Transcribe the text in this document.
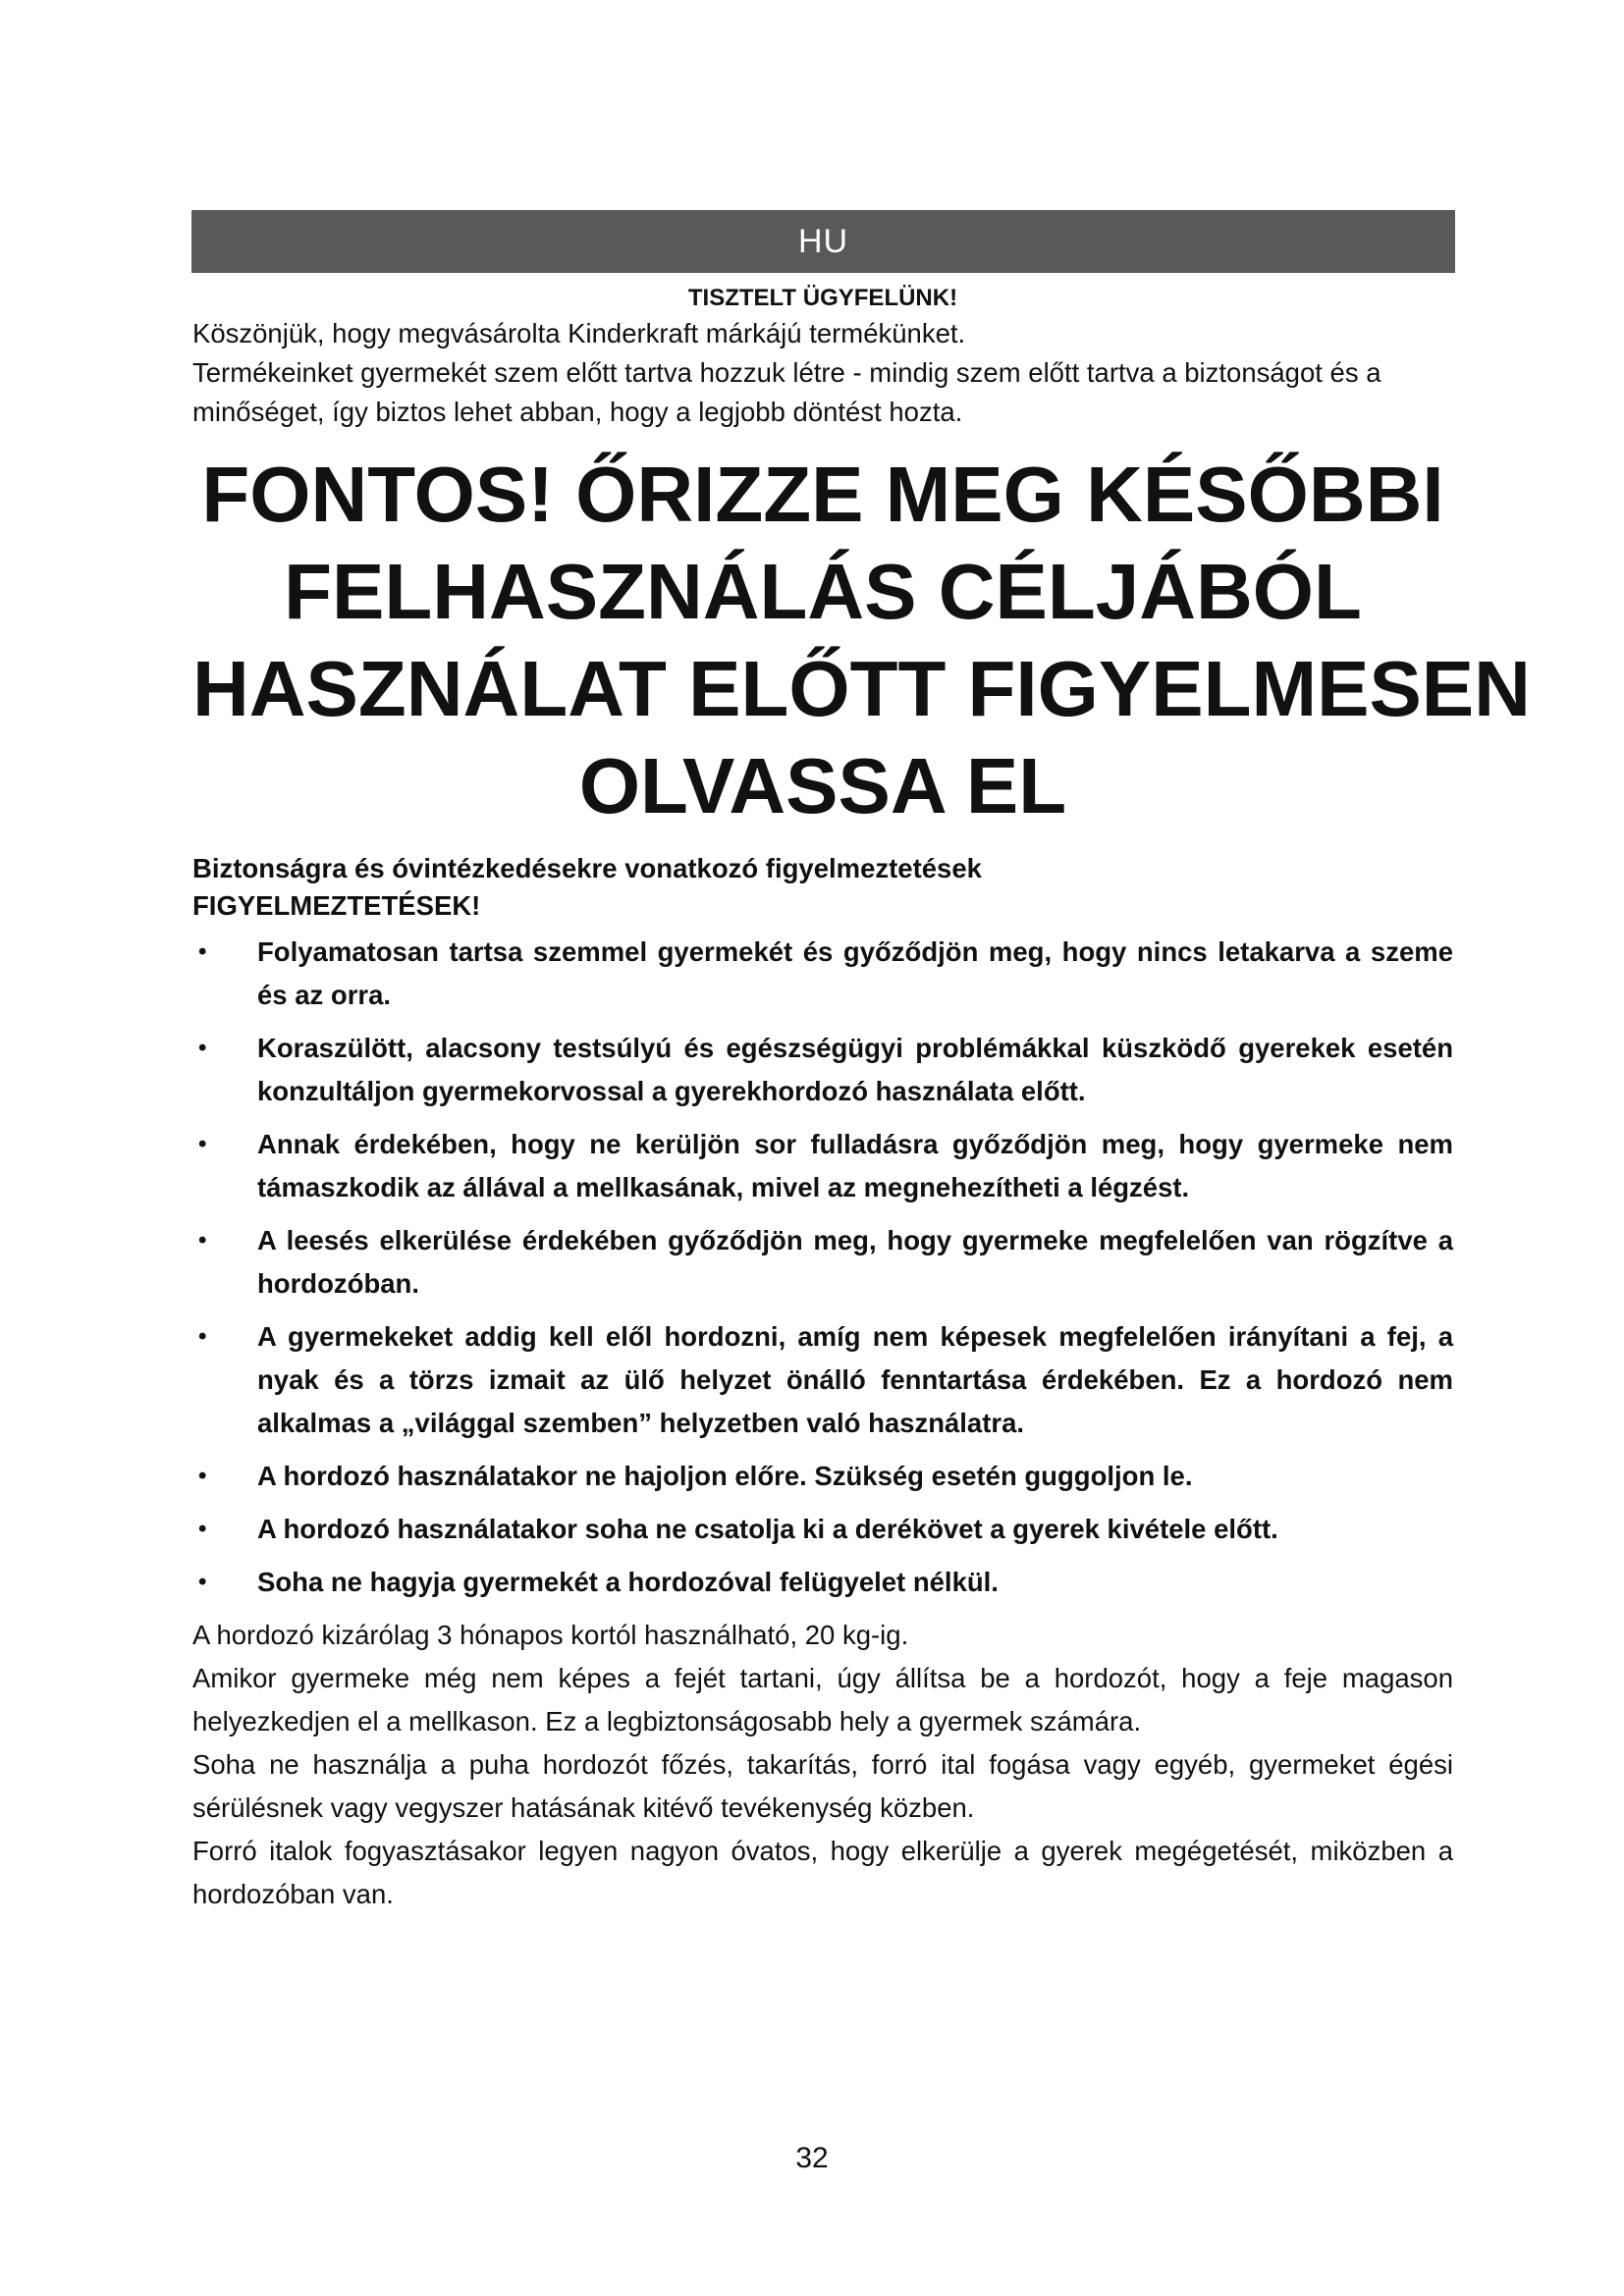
HU
TISZTELT ÜGYFELÜNK!

Köszönjük, hogy megvásárolta Kinderkraft márkájú termékünket.

Termékeinket gyermekét szem előtt tartva hozzuk létre - mindig szem előtt tartva a biztonságot és a minőséget, így biztos lehet abban, hogy a legjobb döntést hozta.

FONTOS! ŐRIZZE MEG KÉSŐBBI
FELHASZNÁLÁS CÉLJÁBÓL
HASZNÁLAT ELŐTT FIGYELMESEN
OLVASSA EL
Biztonságra és óvintézkedésekre vonatkozó figyelmeztetések
FIGYELMEZTETÉSEK!
• Folyamatosan tartsa szemmel gyermekét és győződjön meg, hogy nincs letakarva a szeme és az orra.
• Koraszülött, alacsony testsúlyú és egészségügyi problémákkal küszködő gyerekek esetén konzultáljon gyermekorvossal a gyerekhordozó használata előtt.
• Annak érdekében, hogy ne kerüljön sor fulladásra győződjön meg, hogy gyermeke nem támaszkodik az állával a mellkasának, mivel az megnehezítheti a légzést.
• A leesés elkerülése érdekében győződjön meg, hogy gyermeke megfelelően van rögzítve a hordozóban.
• A gyermekeket addig kell elől hordozni, amíg nem képesek megfelelően irányítani a fej, a nyak és a törzs izmait az ülő helyzet önálló fenntartása érdekében. Ez a hordozó nem alkalmas a „világgal szemben” helyzetben való használatra.
• A hordozó használatakor ne hajoljon előre. Szükség esetén guggoljon le.
• A hordozó használatakor soha ne csatolja ki a derékövet a gyerek kivétele előtt.
• Soha ne hagyja gyermekét a hordozóval felügyelet nélkül.

A hordozó kizárólag 3 hónapos kortól használható, 20 kg-ig.

Amikor gyermeke még nem képes a fejét tartani, úgy állítsa be a hordozót, hogy a feje magason helyezkedjen el a mellkason. Ez a legbiztonságosabb hely a gyermek számára.

Soha ne használja a puha hordozót főzés, takarítás, forró ital fogása vagy egyéb, gyermeket égési sérülésnek vagy vegyszer hatásának kitévő tevékenység közben.

Forró italok fogyasztásakor legyen nagyon óvatos, hogy elkerülje a gyerek megégetését, miközben a hordozóban van.

32
